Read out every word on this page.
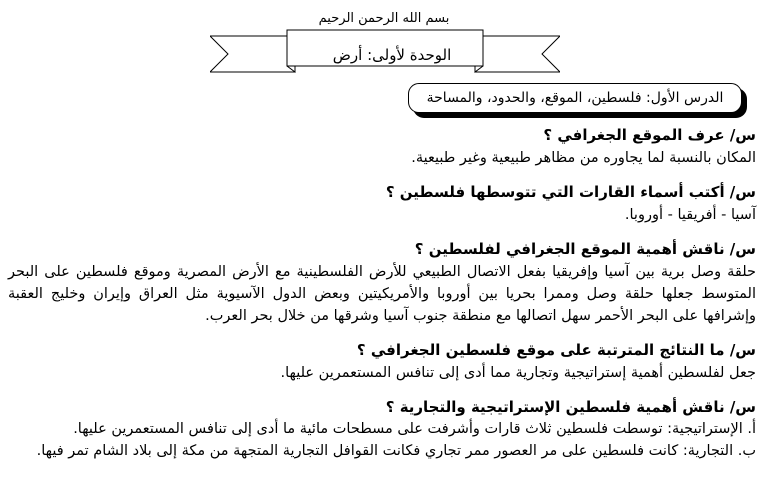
بسم الله الرحمن الرحيم
الوحدة لأولى: أرض
الدرس الأول: فلسطين، الموقع، والحدود، والمساحة

س/ عرف الموقع الجغرافي ؟

المكان بالنسبة لما يجاوره من مظاهر طبيعية وغير طبيعية.

س/ أكتب أسماء القارات التي تتوسطها فلسطين ؟

آسيا - أفريقيا - أوروبا.

س/ ناقش أهمية الموقع الجغرافي لفلسطين ؟

حلقة وصل برية بين آسيا وإفريقيا بفعل الاتصال الطبيعي للأرض الفلسطينية مع الأرض المصرية وموقع فلسطين على البحر المتوسط جعلها حلقة وصل وممرا بحريا بين أوروبا والأمريكيتين وبعض الدول الآسيوية مثل العراق وإيران وخليج العقبة وإشرافها على البحر الأحمر سهل اتصالها مع منطقة جنوب آسيا وشرقها من خلال بحر العرب.

س/ ما النتائج المترتبة على موقع فلسطين الجغرافي ؟

جعل لفلسطين أهمية إستراتيجية وتجارية مما أدى إلى تنافس المستعمرين عليها.

س/ ناقش أهمية فلسطين الإستراتيجية والتجارية ؟

أ. الإستراتيجية: توسطت فلسطين ثلاث قارات وأشرفت على مسطحات مائية ما أدى إلى تنافس المستعمرين عليها.

ب. التجارية: كانت فلسطين على مر العصور ممر تجاري فكانت القوافل التجارية المتجهة من مكة إلى بلاد الشام تمر فيها.
